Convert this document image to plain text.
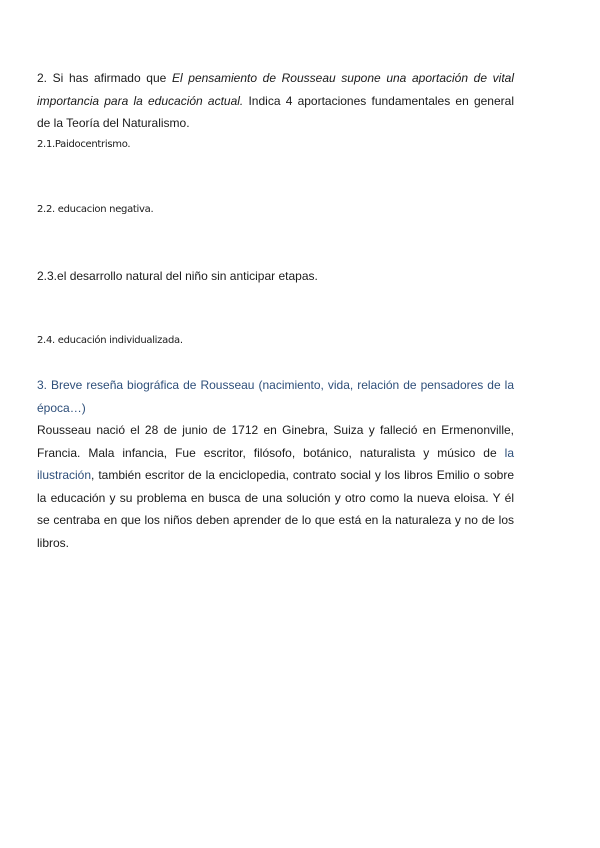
2. Si has afirmado que El pensamiento de Rousseau supone una aportación de vital
importancia para la educación actual. Indica 4 aportaciones fundamentales en general
de la Teoría del Naturalismo.
2.1.Paidocentrismo.
2.2. educacion negativa.
2.3.el desarrollo natural del niño sin anticipar etapas.
2.4. educación individualizada.
3. Breve reseña biográfica de Rousseau (nacimiento, vida, relación de pensadores de la
época…)
Rousseau nació el 28 de junio de 1712 en Ginebra, Suiza y falleció en Ermenonville,
Francia. Mala infancia, Fue escritor, filósofo, botánico, naturalista y músico de la
ilustración, también escritor de la enciclopedia, contrato social y los libros Emilio o sobre
la educación y su problema en busca de una solución y otro como la nueva eloisa. Y él
se centraba en que los niños deben aprender de lo que está en la naturaleza y no de los
libros.
